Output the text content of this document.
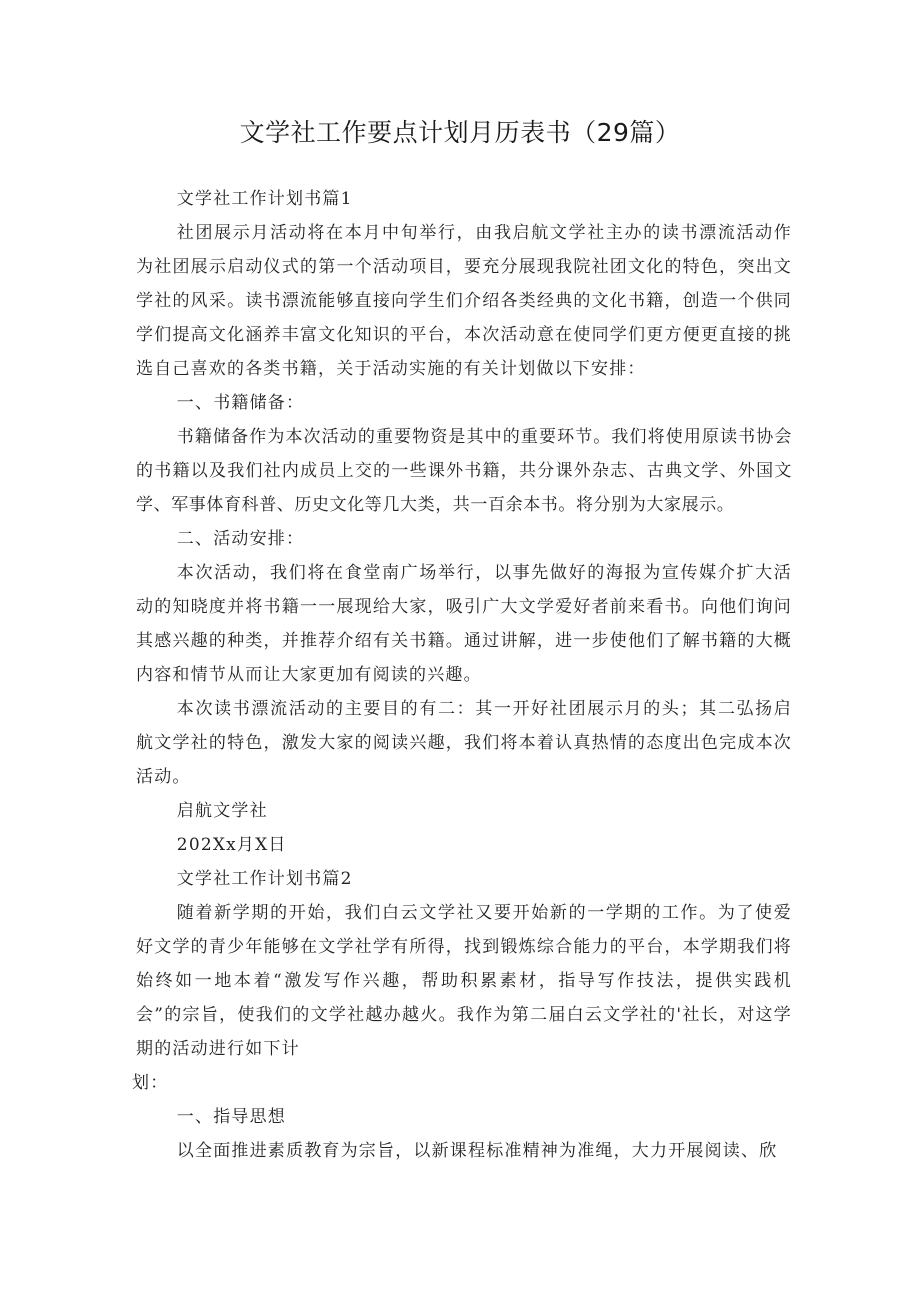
文学社工作要点计划月历表书（29篇）

文学社工作计划书篇1

社团展示月活动将在本月中旬举行，由我启航文学社主办的读书漂流活动作为社团展示启动仪式的第一个活动项目，要充分展现我院社团文化的特色，突出文学社的风采。读书漂流能够直接向学生们介绍各类经典的文化书籍，创造一个供同学们提高文化涵养丰富文化知识的平台，本次活动意在使同学们更方便更直接的挑选自己喜欢的各类书籍，关于活动实施的有关计划做以下安排：

一、书籍储备：

书籍储备作为本次活动的重要物资是其中的重要环节。我们将使用原读书协会的书籍以及我们社内成员上交的一些课外书籍，共分课外杂志、古典文学、外国文学、军事体育科普、历史文化等几大类，共一百余本书。将分别为大家展示。

二、活动安排：

本次活动，我们将在食堂南广场举行，以事先做好的海报为宣传媒介扩大活动的知晓度并将书籍一一展现给大家，吸引广大文学爱好者前来看书。向他们询问其感兴趣的种类，并推荐介绍有关书籍。通过讲解，进一步使他们了解书籍的大概内容和情节从而让大家更加有阅读的兴趣。

本次读书漂流活动的主要目的有二：其一开好社团展示月的头；其二弘扬启航文学社的特色，激发大家的阅读兴趣，我们将本着认真热情的态度出色完成本次活动。

启航文学社

202Xx月X日

文学社工作计划书篇2

随着新学期的开始，我们白云文学社又要开始新的一学期的工作。为了使爱好文学的青少年能够在文学社学有所得，找到锻炼综合能力的平台，本学期我们将始终如一地本着“激发写作兴趣，帮助积累素材，指导写作技法，提供实践机会”的宗旨，使我们的文学社越办越火。我作为第二届白云文学社的'社长，对这学期的活动进行如下计

划：

一、指导思想

以全面推进素质教育为宗旨，以新课程标准精神为准绳，大力开展阅读、欣
